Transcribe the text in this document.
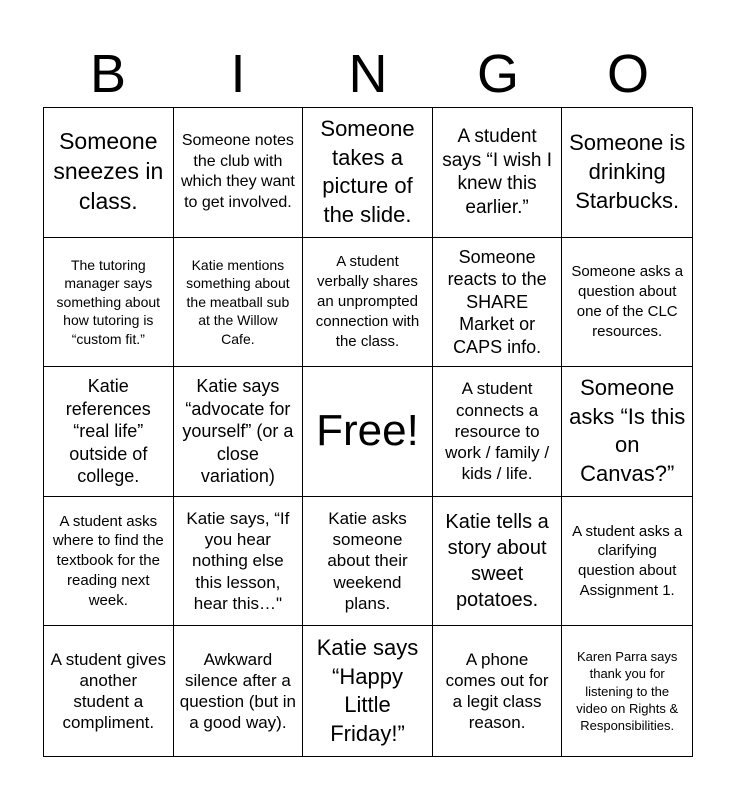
B	I	N	G	O
Someone sneezes in class.
Someone notes the club with which they want to get involved.
Someone takes a picture of the slide.
A student says “I wish I knew this earlier.”
Someone is drinking Starbucks.
The tutoring manager says something about how tutoring is “custom fit.”
Katie mentions something about the meatball sub at the Willow Cafe.
A student verbally shares an unprompted connection with the class.
Someone reacts to the SHARE Market or CAPS info.
Someone asks a question about one of the CLC resources.
Katie references “real life” outside of college.
Katie says “advocate for yourself” (or a close variation)
Free!
A student connects a resource to work / family / kids / life.
Someone asks “Is this on Canvas?”
A student asks where to find the textbook for the reading next week.
Katie says, “If you hear nothing else this lesson, hear this…"
Katie asks someone about their weekend plans.
Katie tells a story about sweet potatoes.
A student asks a clarifying question about Assignment 1.
A student gives another student a compliment.
Awkward silence after a question (but in a good way).
Katie says “Happy Little Friday!”
A phone comes out for a legit class reason.
Karen Parra says thank you for listening to the video on Rights & Responsibilities.
